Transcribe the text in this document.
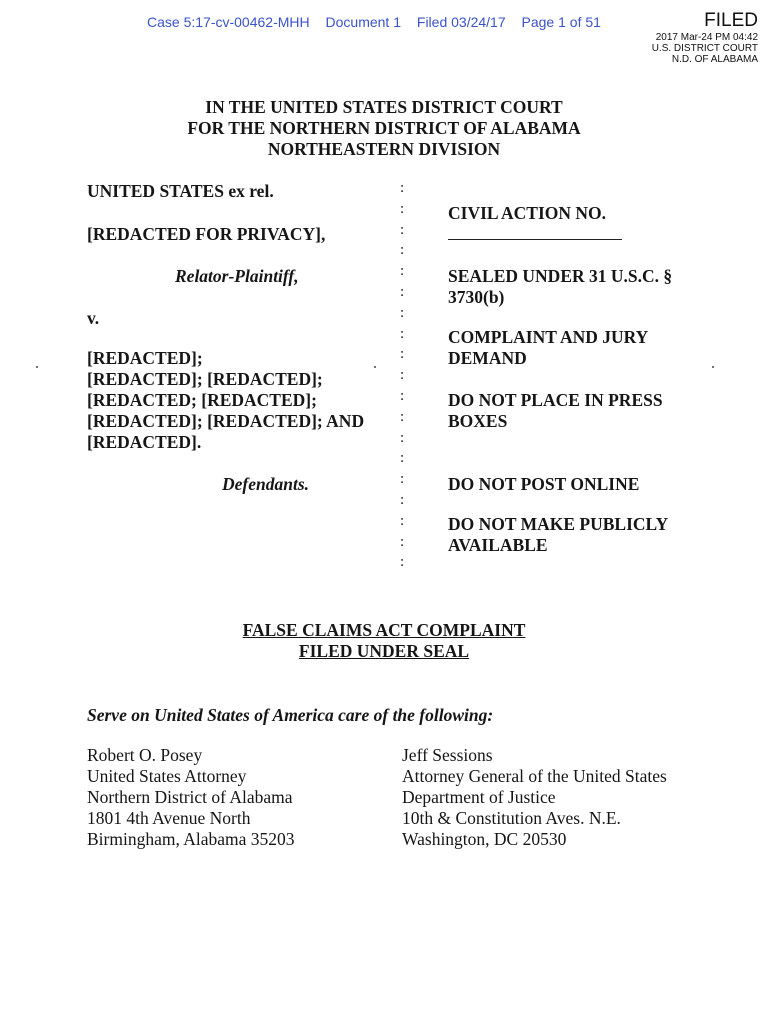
Case 5:17-cv-00462-MHH Document 1 Filed 03/24/17 Page 1 of 51	FILED
2017 Mar-24 PM 04:42
U.S. DISTRICT COURT
N.D. OF ALABAMA
IN THE UNITED STATES DISTRICT COURT
FOR THE NORTHERN DISTRICT OF ALABAMA
NORTHEASTERN DIVISION
UNITED STATES ex rel.
[REDACTED FOR PRIVACY],
Relator-Plaintiff,
v.
[REDACTED];
[REDACTED]; [REDACTED];
[REDACTED; [REDACTED];
[REDACTED]; [REDACTED]; AND
[REDACTED].
Defendants.
:
:
:
:
:
:
:
:
:
:
:
:
:
:
:
:
:
:
:
CIVIL ACTION NO.
SEALED UNDER 31 U.S.C. §
3730(b)
COMPLAINT AND JURY
DEMAND
DO NOT PLACE IN PRESS
BOXES
DO NOT POST ONLINE
DO NOT MAKE PUBLICLY
AVAILABLE
FALSE CLAIMS ACT COMPLAINT
FILED UNDER SEAL
Serve on United States of America care of the following:
Robert O. Posey
United States Attorney
Northern District of Alabama
1801 4th Avenue North
Birmingham, Alabama 35203
Jeff Sessions
Attorney General of the United States
Department of Justice
10th & Constitution Aves. N.E.
Washington, DC 20530
